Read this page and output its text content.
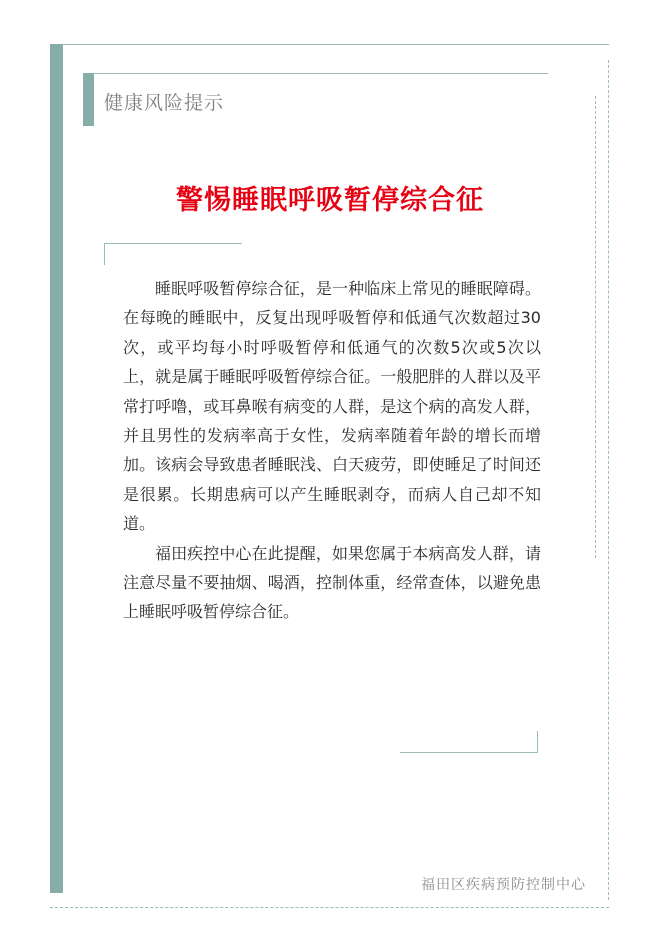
健康风险提示
警惕睡眠呼吸暂停综合征

睡眠呼吸暂停综合征，是一种临床上常见的睡眠障碍。在每晚的睡眠中，反复出现呼吸暂停和低通气次数超过30次，或平均每小时呼吸暂停和低通气的次数5次或5次以上，就是属于睡眠呼吸暂停综合征。一般肥胖的人群以及平常打呼噜，或耳鼻喉有病变的人群，是这个病的高发人群，并且男性的发病率高于女性，发病率随着年龄的增长而增加。该病会导致患者睡眠浅、白天疲劳，即使睡足了时间还是很累。长期患病可以产生睡眠剥夺，而病人自己却不知道。

福田疾控中心在此提醒，如果您属于本病高发人群，请注意尽量不要抽烟、喝酒，控制体重，经常查体，以避免患上睡眠呼吸暂停综合征。

福田区疾病预防控制中心
